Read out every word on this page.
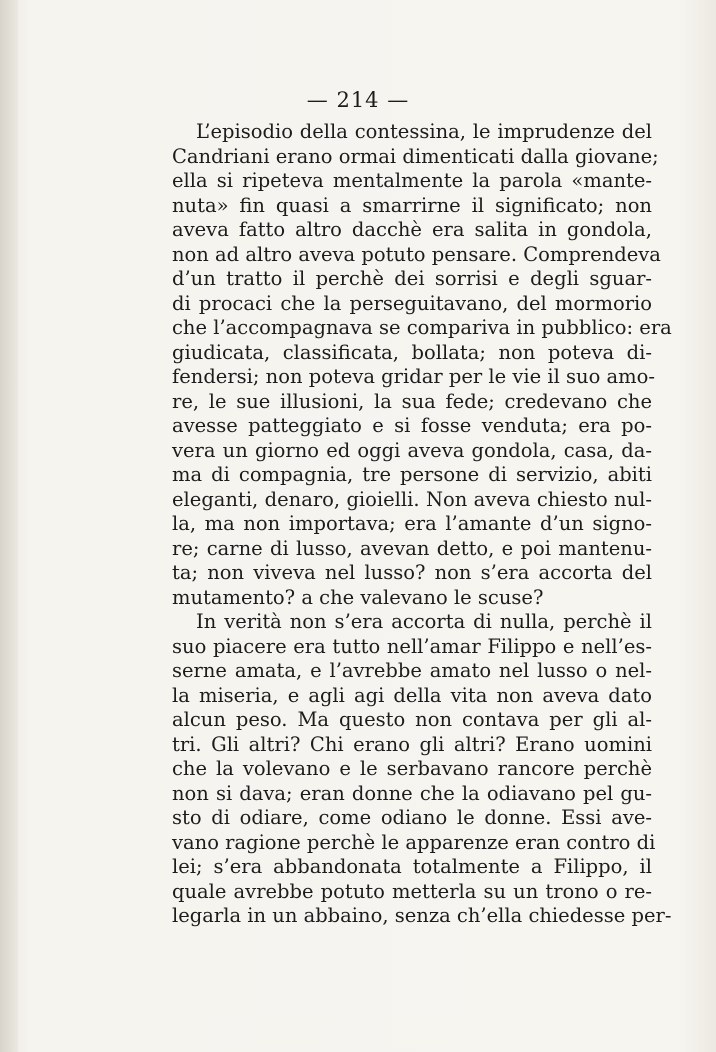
— 214 —
L’episodio della contessina, le imprudenze del
Candriani erano ormai dimenticati dalla giovane;
ella si ripeteva mentalmente la parola «mante-
nuta» fin quasi a smarrirne il significato; non
aveva fatto altro dacchè era salita in gondola,
non ad altro aveva potuto pensare. Comprendeva
d’un tratto il perchè dei sorrisi e degli sguar-
di procaci che la perseguitavano, del mormorio
che l’accompagnava se compariva in pubblico: era
giudicata, classificata, bollata; non poteva di-
fendersi; non poteva gridar per le vie il suo amo-
re, le sue illusioni, la sua fede; credevano che
avesse patteggiato e si fosse venduta; era po-
vera un giorno ed oggi aveva gondola, casa, da-
ma di compagnia, tre persone di servizio, abiti
eleganti, denaro, gioielli. Non aveva chiesto nul-
la, ma non importava; era l’amante d’un signo-
re; carne di lusso, avevan detto, e poi mantenu-
ta; non viveva nel lusso? non s’era accorta del
mutamento? a che valevano le scuse?
In verità non s’era accorta di nulla, perchè il
suo piacere era tutto nell’amar Filippo e nell’es-
serne amata, e l’avrebbe amato nel lusso o nel-
la miseria, e agli agi della vita non aveva dato
alcun peso. Ma questo non contava per gli al-
tri. Gli altri? Chi erano gli altri? Erano uomini
che la volevano e le serbavano rancore perchè
non si dava; eran donne che la odiavano pel gu-
sto di odiare, come odiano le donne. Essi ave-
vano ragione perchè le apparenze eran contro di
lei; s’era abbandonata totalmente a Filippo, il
quale avrebbe potuto metterla su un trono o re-
legarla in un abbaino, senza ch’ella chiedesse per-
